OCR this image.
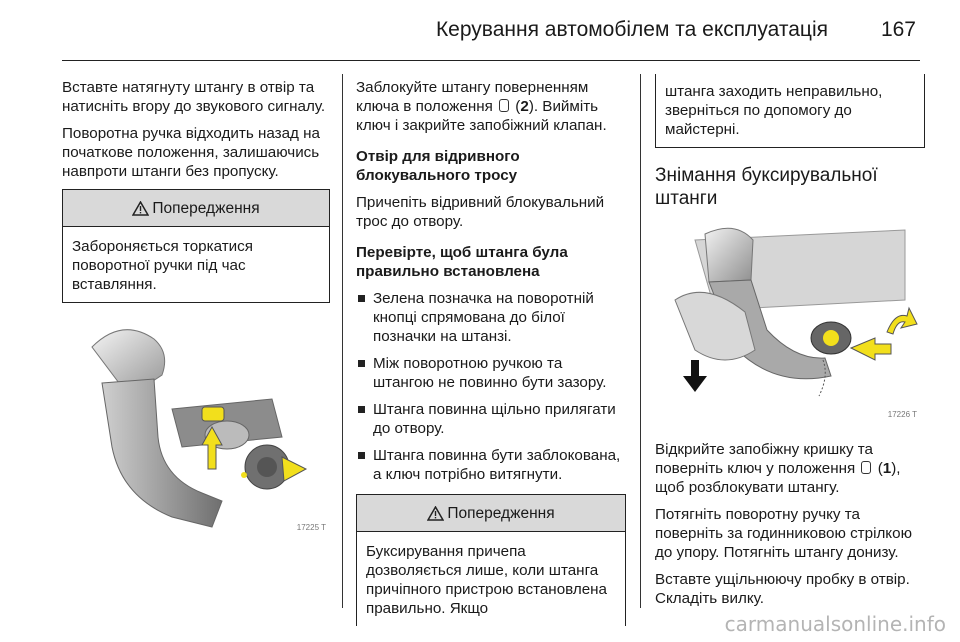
Керування автомобілем та експлуатація	167

Вставте натягнуту штангу в отвір та натисніть вгору до звукового сигналу.

Поворотна ручка відходить назад на початкове положення, залишаючись навпроти штанги без пропуску.

Попередження
Забороняється торкатися поворотної ручки під час вставляння.
17225 T

Заблокуйте штангу поверненням ключа в положення  (2). Вийміть ключ і закрийте запобіжний клапан.

Отвір для відривного блокувального тросу

Причепіть відривний блокувальний трос до отвору.

Перевірте, щоб штанга була правильно встановлена

Зелена позначка на поворотній кнопці спрямована до білої позначки на штанзі.
Між поворотною ручкою та штангою не повинно бути зазору.
Штанга повинна щільно прилягати до отвору.
Штанга повинна бути заблокована, а ключ потрібно витягнути.
Попередження
Буксирування причепа дозволяється лише, коли штанга причіпного пристрою встановлена правильно. Якщо
штанга заходить неправильно, зверніться по допомогу до майстерні.
Знімання буксирувальної штанги
17226 T

Відкрийте запобіжну кришку та поверніть ключ у положення  (1), щоб розблокувати штангу.

Потягніть поворотну ручку та поверніть за годинниковою стрілкою до упору. Потягніть штангу донизу.

Вставте ущільнюючу пробку в отвір. Складіть вилку.

carmanualsonline.info
